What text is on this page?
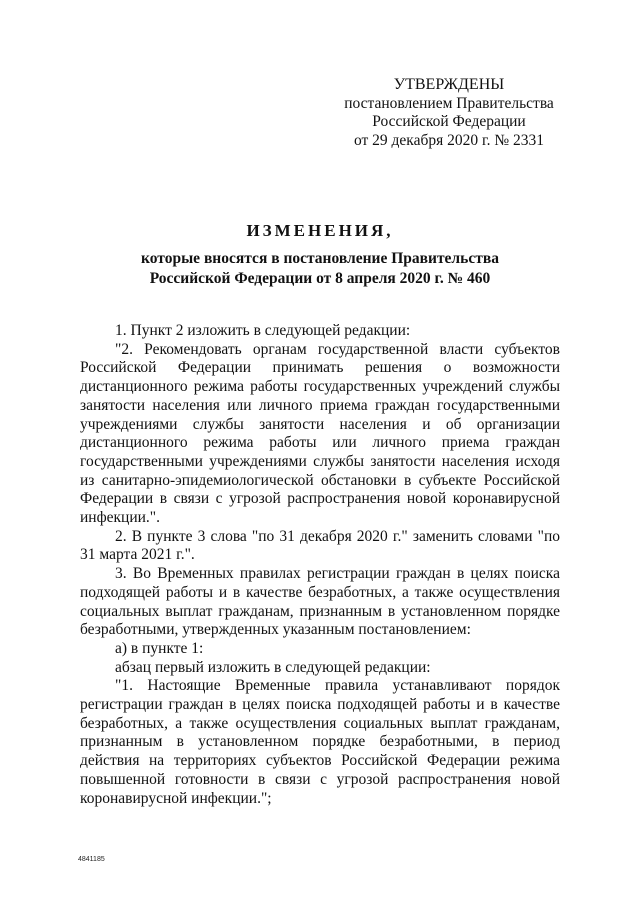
УТВЕРЖДЕНЫ
постановлением Правительства
Российской Федерации
от 29 декабря 2020 г. № 2331
ИЗМЕНЕНИЯ,
которые вносятся в постановление Правительства Российской Федерации от 8 апреля 2020 г. № 460

1. Пункт 2 изложить в следующей редакции:

"2. Рекомендовать органам государственной власти субъектов Российской Федерации принимать решения о возможности дистанционного режима работы государственных учреждений службы занятости населения или личного приема граждан государственными учреждениями службы занятости населения и об организации дистанционного режима работы или личного приема граждан государственными учреждениями службы занятости населения исходя из санитарно-эпидемиологической обстановки в субъекте Российской Федерации в связи с угрозой распространения новой коронавирусной инфекции.".

2. В пункте 3 слова "по 31 декабря 2020 г." заменить словами "по 31 марта 2021 г.".

3. Во Временных правилах регистрации граждан в целях поиска подходящей работы и в качестве безработных, а также осуществления социальных выплат гражданам, признанным в установленном порядке безработными, утвержденных указанным постановлением:

а) в пункте 1:

абзац первый изложить в следующей редакции:

"1. Настоящие Временные правила устанавливают порядок регистрации граждан в целях поиска подходящей работы и в качестве безработных, а также осуществления социальных выплат гражданам, признанным в установленном порядке безработными, в период действия на территориях субъектов Российской Федерации режима повышенной готовности в связи с угрозой распространения новой коронавирусной инфекции.";

4841185
